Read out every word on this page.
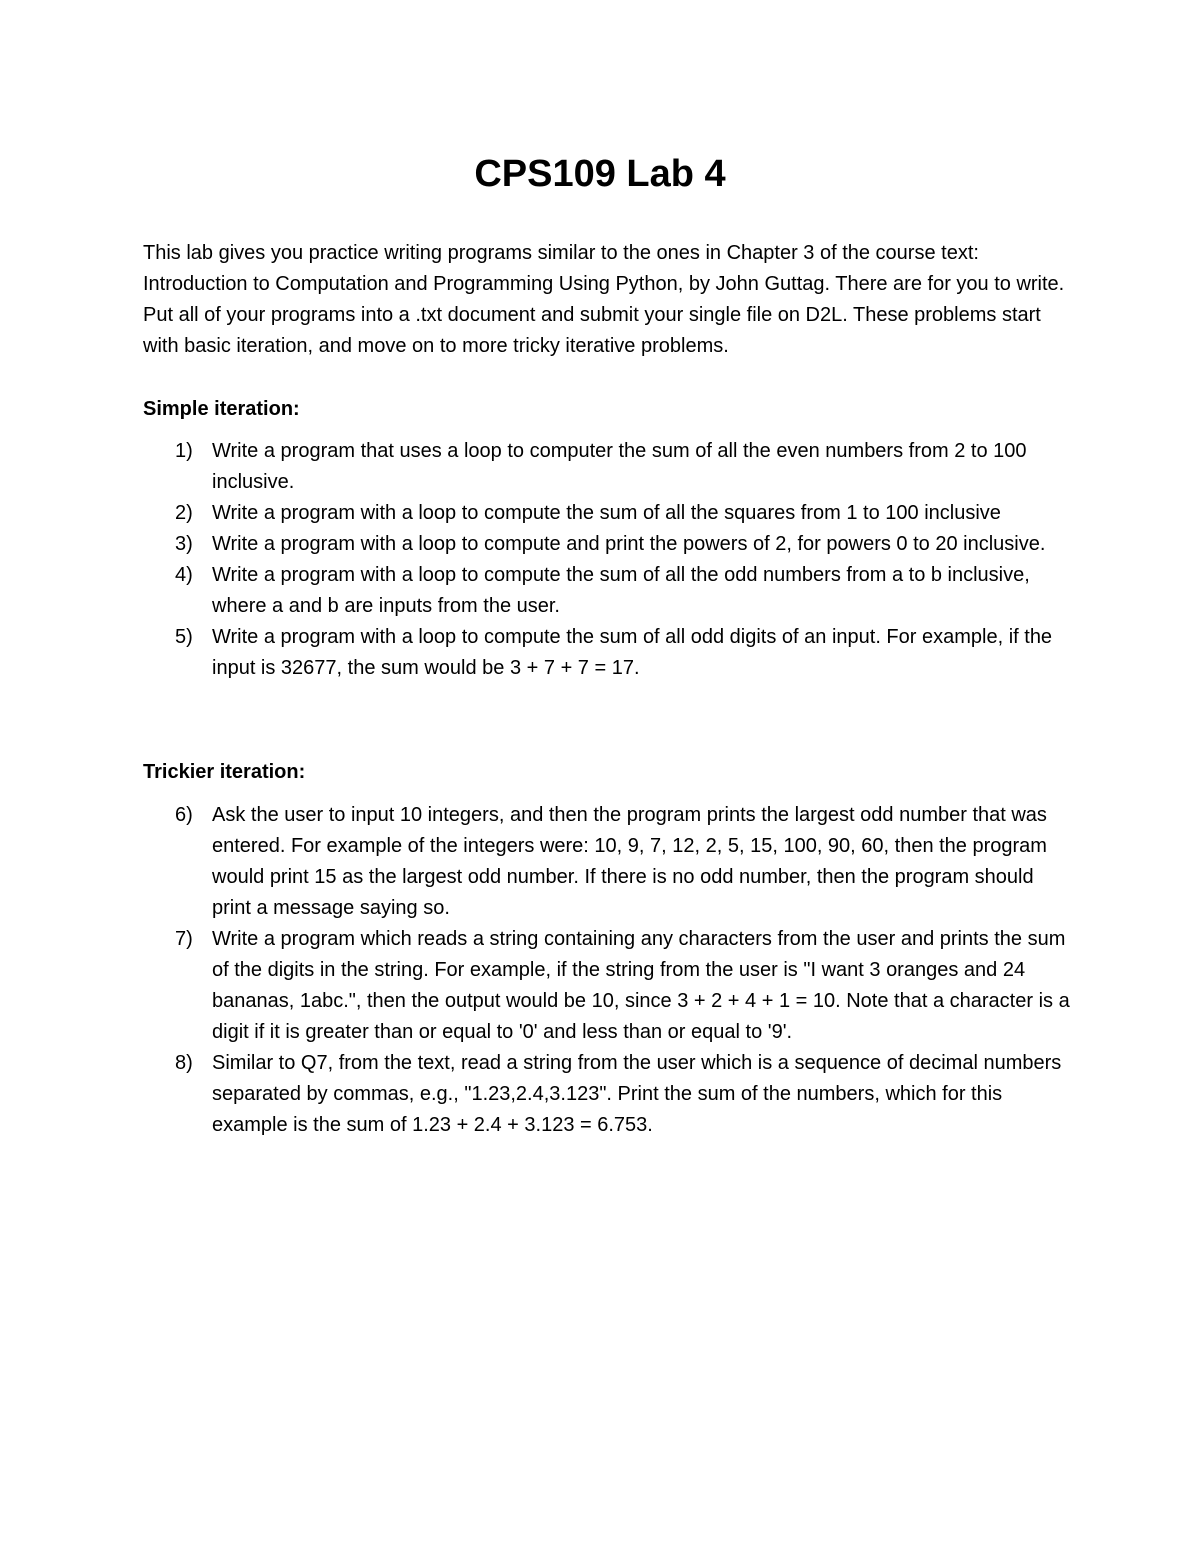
CPS109 Lab 4

This lab gives you practice writing programs similar to the ones in Chapter 3 of the course text: Introduction to Computation and Programming Using Python, by John Guttag. There are for you to write. Put all of your programs into a .txt document and submit your single file on D2L. These problems start with basic iteration, and move on to more tricky iterative problems.

Simple iteration:

1) Write a program that uses a loop to computer the sum of all the even numbers from 2 to 100 inclusive.
2) Write a program with a loop to compute the sum of all the squares from 1 to 100 inclusive
3) Write a program with a loop to compute and print the powers of 2, for powers 0 to 20 inclusive.
4) Write a program with a loop to compute the sum of all the odd numbers from a to b inclusive, where a and b are inputs from the user.
5) Write a program with a loop to compute the sum of all odd digits of an input. For example, if the input is 32677, the sum would be 3 + 7 + 7 = 17.

Trickier iteration:

6) Ask the user to input 10 integers, and then the program prints the largest odd number that was entered. For example of the integers were: 10, 9, 7, 12, 2, 5, 15, 100, 90, 60, then the program would print 15 as the largest odd number. If there is no odd number, then the program should print a message saying so.
7) Write a program which reads a string containing any characters from the user and prints the sum of the digits in the string. For example, if the string from the user is "I want 3 oranges and 24 bananas, 1abc.", then the output would be 10, since 3 + 2 + 4 + 1 = 10. Note that a character is a digit if it is greater than or equal to '0' and less than or equal to '9'.
8) Similar to Q7, from the text, read a string from the user which is a sequence of decimal numbers separated by commas, e.g., "1.23,2.4,3.123". Print the sum of the numbers, which for this example is the sum of 1.23 + 2.4 + 3.123 = 6.753.
